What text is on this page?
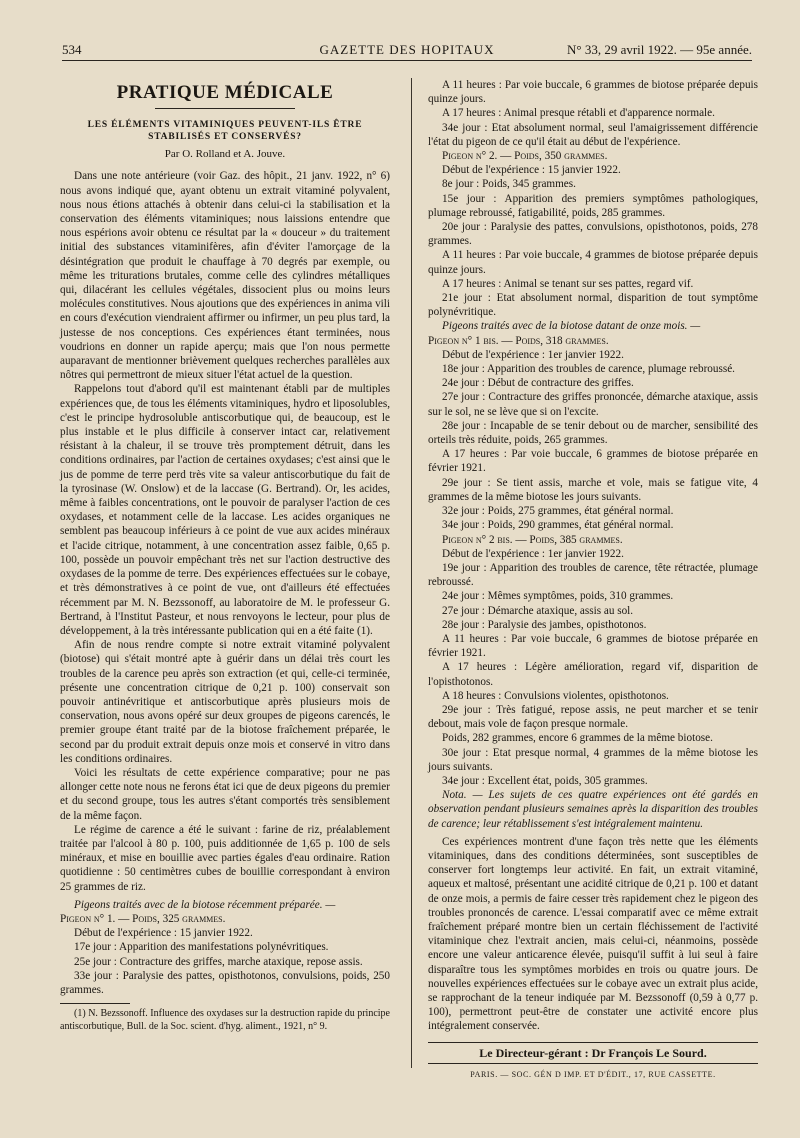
534	GAZETTE DES HOPITAUX	N° 33, 29 avril 1922. — 95e année.
PRATIQUE MÉDICALE
LES ÉLÉMENTS VITAMINIQUES PEUVENT-ILS ÊTRE STABILISÉS ET CONSERVÉS?
Par O. Rolland et A. Jouve.

Dans une note antérieure (voir Gaz. des hôpit., 21 janv. 1922, n° 6) nous avons indiqué que, ayant obtenu un extrait vitaminé polyvalent, nous nous étions attachés à obtenir dans celui-ci la stabilisation et la conservation des éléments vitaminiques; nous laissions entendre que nous espérions avoir obtenu ce résultat par la « douceur » du traitement initial des substances vitaminifères, afin d'éviter l'amorçage de la désintégration que produit le chauffage à 70 degrés par exemple, ou même les triturations brutales, comme celle des cylindres métalliques qui, dilacérant les cellules végétales, dissocient plus ou moins leurs molécules constitutives. Nous ajoutions que des expériences in anima vili en cours d'exécution viendraient affirmer ou infirmer, un peu plus tard, la justesse de nos conceptions. Ces expériences étant terminées, nous voudrions en donner un rapide aperçu; mais que l'on nous permette auparavant de mentionner brièvement quelques recherches parallèles aux nôtres qui permettront de mieux situer l'état actuel de la question.

Rappelons tout d'abord qu'il est maintenant établi par de multiples expériences que, de tous les éléments vitaminiques, hydro et liposolubles, c'est le principe hydrosoluble antiscorbutique qui, de beaucoup, est le plus instable et le plus difficile à conserver intact car, relativement résistant à la chaleur, il se trouve très promptement détruit, dans les conditions ordinaires, par l'action de certaines oxydases; c'est ainsi que le jus de pomme de terre perd très vite sa valeur antiscorbutique du fait de la tyrosinase (W. Onslow) et de la laccase (G. Bertrand). Or, les acides, même à faibles concentrations, ont le pouvoir de paralyser l'action de ces oxydases, et notamment celle de la laccase. Les acides organiques ne semblent pas beaucoup inférieurs à ce point de vue aux acides minéraux et l'acide citrique, notamment, à une concentration assez faible, 0,65 p. 100, possède un pouvoir empêchant très net sur l'action destructive des oxydases de la pomme de terre. Des expériences effectuées sur le cobaye, et très démonstratives à ce point de vue, ont d'ailleurs été effectuées récemment par M. N. Bezssonoff, au laboratoire de M. le professeur G. Bertrand, à l'Institut Pasteur, et nous renvoyons le lecteur, pour plus de développement, à la très intéressante publication qui en a été faite (1).

Afin de nous rendre compte si notre extrait vitaminé polyvalent (biotose) qui s'était montré apte à guérir dans un délai très court les troubles de la carence peu après son extraction (et qui, celle-ci terminée, présente une concentration citrique de 0,21 p. 100) conservait son pouvoir antinévritique et antiscorbutique après plusieurs mois de conservation, nous avons opéré sur deux groupes de pigeons carencés, le premier groupe étant traité par de la biotose fraîchement préparée, le second par du produit extrait depuis onze mois et conservé in vitro dans les conditions ordinaires.

Voici les résultats de cette expérience comparative; pour ne pas allonger cette note nous ne ferons état ici que de deux pigeons du premier et du second groupe, tous les autres s'étant comportés très sensiblement de la même façon.

Le régime de carence a été le suivant : farine de riz, préalablement traitée par l'alcool à 80 p. 100, puis additionnée de 1,65 p. 100 de sels minéraux, et mise en bouillie avec parties égales d'eau ordinaire. Ration quotidienne : 50 centimètres cubes de bouillie correspondant à environ 25 grammes de riz.

Pigeons traités avec de la biotose récemment préparée. —

Pigeon n° 1. — Poids, 325 grammes.

Début de l'expérience : 15 janvier 1922.

17e jour : Apparition des manifestations polynévritiques.

25e jour : Contracture des griffes, marche ataxique, repose assis.

33e jour : Paralysie des pattes, opisthotonos, convulsions, poids, 250 grammes.

(1) N. Bezssonoff. Influence des oxydases sur la destruction rapide du principe antiscorbutique, Bull. de la Soc. scient. d'hyg. aliment., 1921, n° 9.

A 11 heures : Par voie buccale, 6 grammes de biotose préparée depuis quinze jours.

A 17 heures : Animal presque rétabli et d'apparence normale.

34e jour : Etat absolument normal, seul l'amaigrissement différencie l'état du pigeon de ce qu'il était au début de l'expérience.

Pigeon n° 2. — Poids, 350 grammes.

Début de l'expérience : 15 janvier 1922.

8e jour : Poids, 345 grammes.

15e jour : Apparition des premiers symptômes pathologiques, plumage rebroussé, fatigabilité, poids, 285 grammes.

20e jour : Paralysie des pattes, convulsions, opisthotonos, poids, 278 grammes.

A 11 heures : Par voie buccale, 4 grammes de biotose préparée depuis quinze jours.

A 17 heures : Animal se tenant sur ses pattes, regard vif.

21e jour : Etat absolument normal, disparition de tout symptôme polynévritique.

Pigeons traités avec de la biotose datant de onze mois. —

Pigeon n° 1 bis. — Poids, 318 grammes.

Début de l'expérience : 1er janvier 1922.

18e jour : Apparition des troubles de carence, plumage rebroussé.

24e jour : Début de contracture des griffes.

27e jour : Contracture des griffes prononcée, démarche ataxique, assis sur le sol, ne se lève que si on l'excite.

28e jour : Incapable de se tenir debout ou de marcher, sensibilité des orteils très réduite, poids, 265 grammes.

A 17 heures : Par voie buccale, 6 grammes de biotose préparée en février 1921.

29e jour : Se tient assis, marche et vole, mais se fatigue vite, 4 grammes de la même biotose les jours suivants.

32e jour : Poids, 275 grammes, état général normal.

34e jour : Poids, 290 grammes, état général normal.

Pigeon n° 2 bis. — Poids, 385 grammes.

Début de l'expérience : 1er janvier 1922.

19e jour : Apparition des troubles de carence, tête rétractée, plumage rebroussé.

24e jour : Mêmes symptômes, poids, 310 grammes.

27e jour : Démarche ataxique, assis au sol.

28e jour : Paralysie des jambes, opisthotonos.

A 11 heures : Par voie buccale, 6 grammes de biotose préparée en février 1921.

A 17 heures : Légère amélioration, regard vif, disparition de l'opisthotonos.

A 18 heures : Convulsions violentes, opisthotonos.

29e jour : Très fatigué, repose assis, ne peut marcher et se tenir debout, mais vole de façon presque normale.

Poids, 282 grammes, encore 6 grammes de la même biotose.

30e jour : Etat presque normal, 4 grammes de la même biotose les jours suivants.

34e jour : Excellent état, poids, 305 grammes.

Nota. — Les sujets de ces quatre expériences ont été gardés en observation pendant plusieurs semaines après la disparition des troubles de carence; leur rétablissement s'est intégralement maintenu.

Ces expériences montrent d'une façon très nette que les éléments vitaminiques, dans des conditions déterminées, sont susceptibles de conserver fort longtemps leur activité. En fait, un extrait vitaminé, aqueux et maltosé, présentant une acidité citrique de 0,21 p. 100 et datant de onze mois, a permis de faire cesser très rapidement chez le pigeon des troubles prononcés de carence. L'essai comparatif avec ce même extrait fraîchement préparé montre bien un certain fléchissement de l'activité vitaminique chez l'extrait ancien, mais celui-ci, néanmoins, possède encore une valeur anticarence élevée, puisqu'il suffit à lui seul à faire disparaître tous les symptômes morbides en trois ou quatre jours. De nouvelles expériences effectuées sur le cobaye avec un extrait plus acide, se rapprochant de la teneur indiquée par M. Bezssonoff (0,59 à 0,77 p. 100), permettront peut-être de constater une activité encore plus intégralement conservée.

Le Directeur-gérant : Dr François Le Sourd.
PARIS. — SOC. GÉN D IMP. ET D'ÉDIT., 17, RUE CASSETTE.
